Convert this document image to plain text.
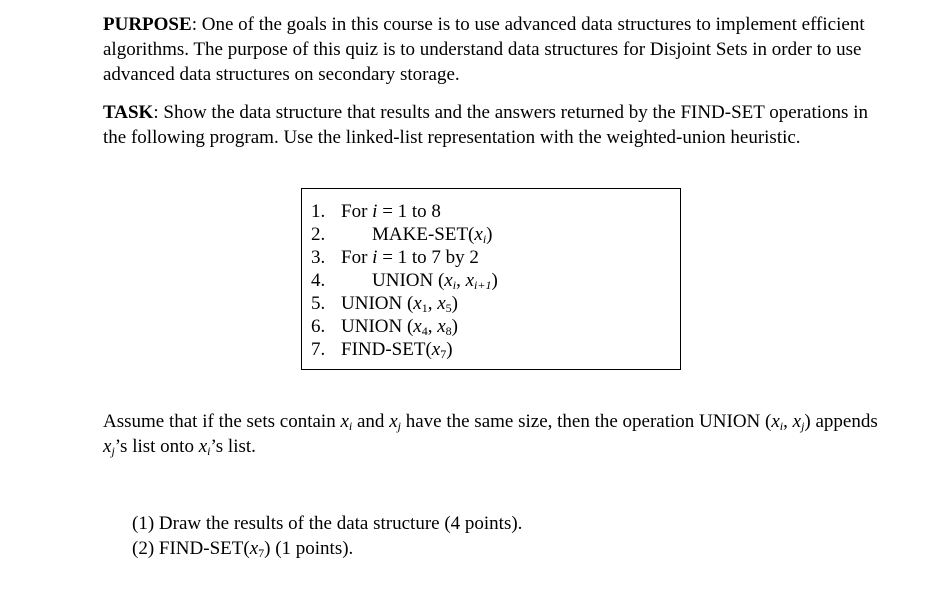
PURPOSE: One of the goals in this course is to use advanced data structures to implement efficient algorithms. The purpose of this quiz is to understand data structures for Disjoint Sets in order to use advanced data structures on secondary storage.

TASK: Show the data structure that results and the answers returned by the FIND-SET operations in the following program. Use the linked-list representation with the weighted-union heuristic.

1. For i = 1 to 8
2. MAKE-$SET(x_i)$
3. For i = 1 to 7 by 2
4. UNION ($x_i$, $x_{i+1}$)
5. UNION ($x_1$, $x_5$)
6. UNION ($x_4$, $x_8$)
7. FIND-$SET(x_7)$

Assume that if the sets contain $x_i$ and $x_j$ have the same size, then the operation UNION ($x_i$, $x_j$) appends $x_j’s$ list onto $x_i’s$ list.

(1) Draw the results of the data structure (4 points).
(2) FIND-$SET(x_7)$ (1 points).
